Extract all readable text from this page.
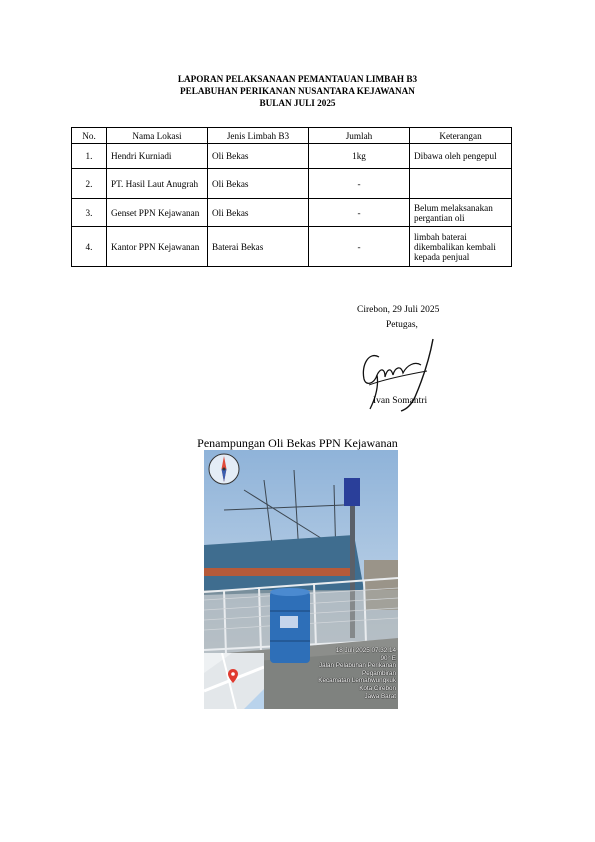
LAPORAN PELAKSANAAN PEMANTAUAN LIMBAH B3
PELABUHAN PERIKANAN NUSANTARA KEJAWANAN
BULAN JULI 2025
No.	Nama Lokasi	Jenis Limbah B3	Jumlah	Keterangan
1.	Hendri Kurniadi	Oli Bekas	1kg	Dibawa oleh pengepul
2.	PT. Hasil Laut Anugrah	Oli Bekas	-	
3.	Genset PPN Kejawanan	Oli Bekas	-	Belum melaksanakan pergantian oli
4.	Kantor PPN Kejawanan	Baterai Bekas	-	limbah baterai dikembalikan kembali kepada penjual
Cirebon, 29 Juli 2025
Petugas,
Ivan Somantri
Penampungan Oli Bekas PPN Kejawanan
18 Juli 2025 07.32.14
90° E
Jalan Pelabuhan Perikanan
Pegambiran
Kecamatan Lemahwungkuk
Kota Cirebon
Jawa Barat
